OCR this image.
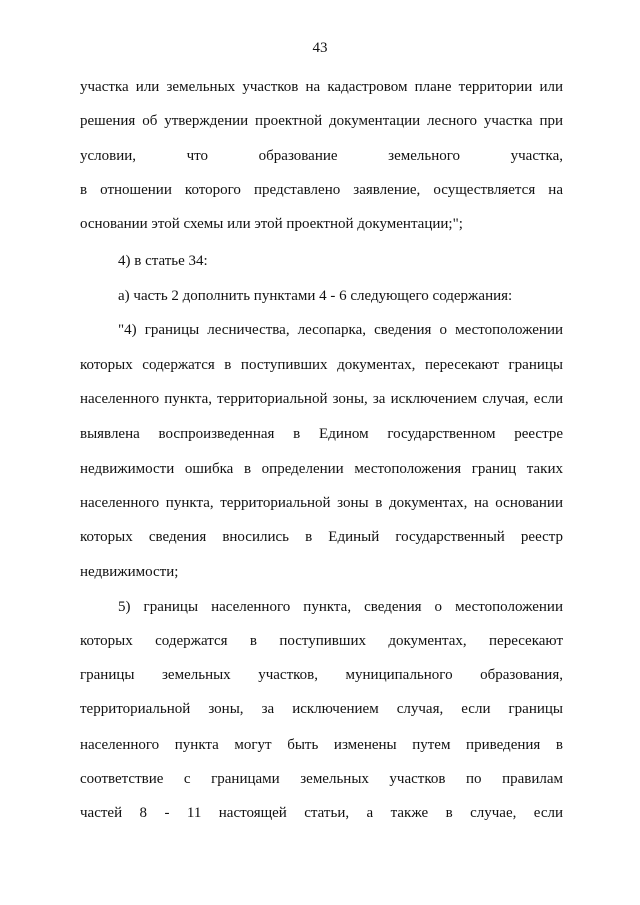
43
участка или земельных участков на кадастровом плане территории или
решения об утверждении проектной документации лесного участка при
условии, что образование земельного участка,
в отношении которого представлено заявление, осуществляется на
основании этой схемы или этой проектной документации;";
4) в статье 34:
а) часть 2 дополнить пунктами 4 - 6 следующего содержания:
"4) границы лесничества, лесопарка, сведения о местоположении
которых содержатся в поступивших документах, пересекают границы
населенного пункта, территориальной зоны, за исключением случая, если
выявлена воспроизведенная в Едином государственном реестре
недвижимости ошибка в определении местоположения границ таких
населенного пункта, территориальной зоны в документах, на основании
которых сведения вносились в Единый государственный реестр
недвижимости;
5) границы населенного пункта, сведения о местоположении
которых содержатся в поступивших документах, пересекают
границы земельных участков, муниципального образования,
территориальной зоны, за исключением случая, если границы
населенного пункта могут быть изменены путем приведения в
соответствие с границами земельных участков по правилам
частей 8 - 11 настоящей статьи, а также в случае, если
